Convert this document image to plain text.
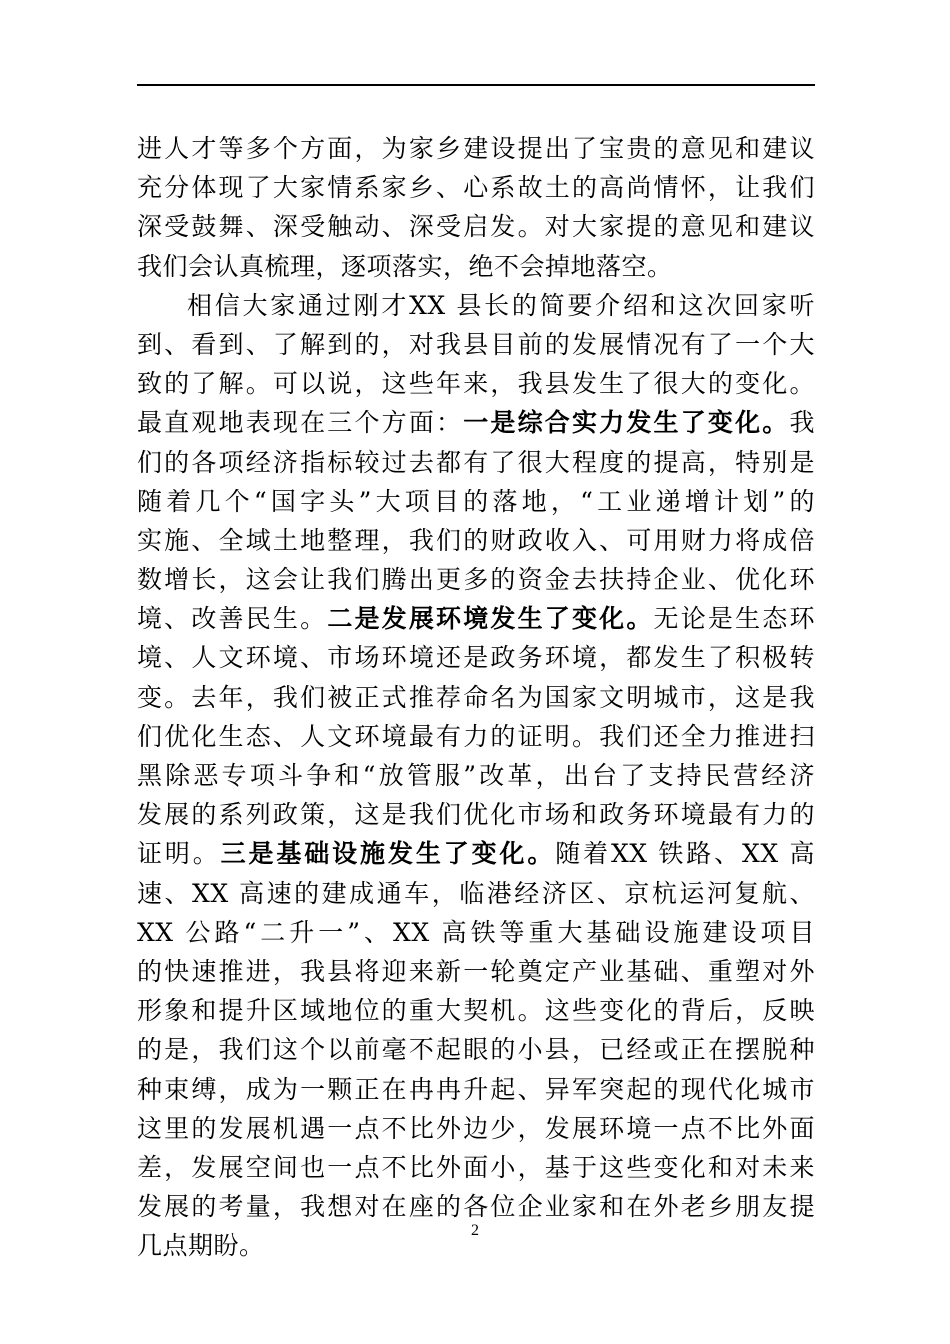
进人才等多个方面，为家乡建设提出了宝贵的意见和建议
充分体现了大家情系家乡、心系故土的高尚情怀，让我们
深受鼓舞、深受触动、深受启发。对大家提的意见和建议
我们会认真梳理，逐项落实，绝不会掉地落空。
相信大家通过刚才XX 县长的简要介绍和这次回家听
到、看到、了解到的，对我县目前的发展情况有了一个大
致的了解。可以说，这些年来，我县发生了很大的变化。
最直观地表现在三个方面：一是综合实力发生了变化。我
们的各项经济指标较过去都有了很大程度的提高，特别是
随着几个“国字头”大项目的落地，“工业递增计划”的
实施、全域土地整理，我们的财政收入、可用财力将成倍
数增长，这会让我们腾出更多的资金去扶持企业、优化环
境、改善民生。二是发展环境发生了变化。无论是生态环
境、人文环境、市场环境还是政务环境，都发生了积极转
变。去年，我们被正式推荐命名为国家文明城市，这是我
们优化生态、人文环境最有力的证明。我们还全力推进扫
黑除恶专项斗争和“放管服”改革，出台了支持民营经济
发展的系列政策，这是我们优化市场和政务环境最有力的
证明。三是基础设施发生了变化。随着XX 铁路、XX 高
速、XX 高速的建成通车，临港经济区、京杭运河复航、
XX 公路“二升一”、XX 高铁等重大基础设施建设项目
的快速推进，我县将迎来新一轮奠定产业基础、重塑对外
形象和提升区域地位的重大契机。这些变化的背后，反映
的是，我们这个以前毫不起眼的小县，已经或正在摆脱种
种束缚，成为一颗正在冉冉升起、异军突起的现代化城市
这里的发展机遇一点不比外边少，发展环境一点不比外面
差，发展空间也一点不比外面小，基于这些变化和对未来
发展的考量，我想对在座的各位企业家和在外老乡朋友提
几点期盼。
2
